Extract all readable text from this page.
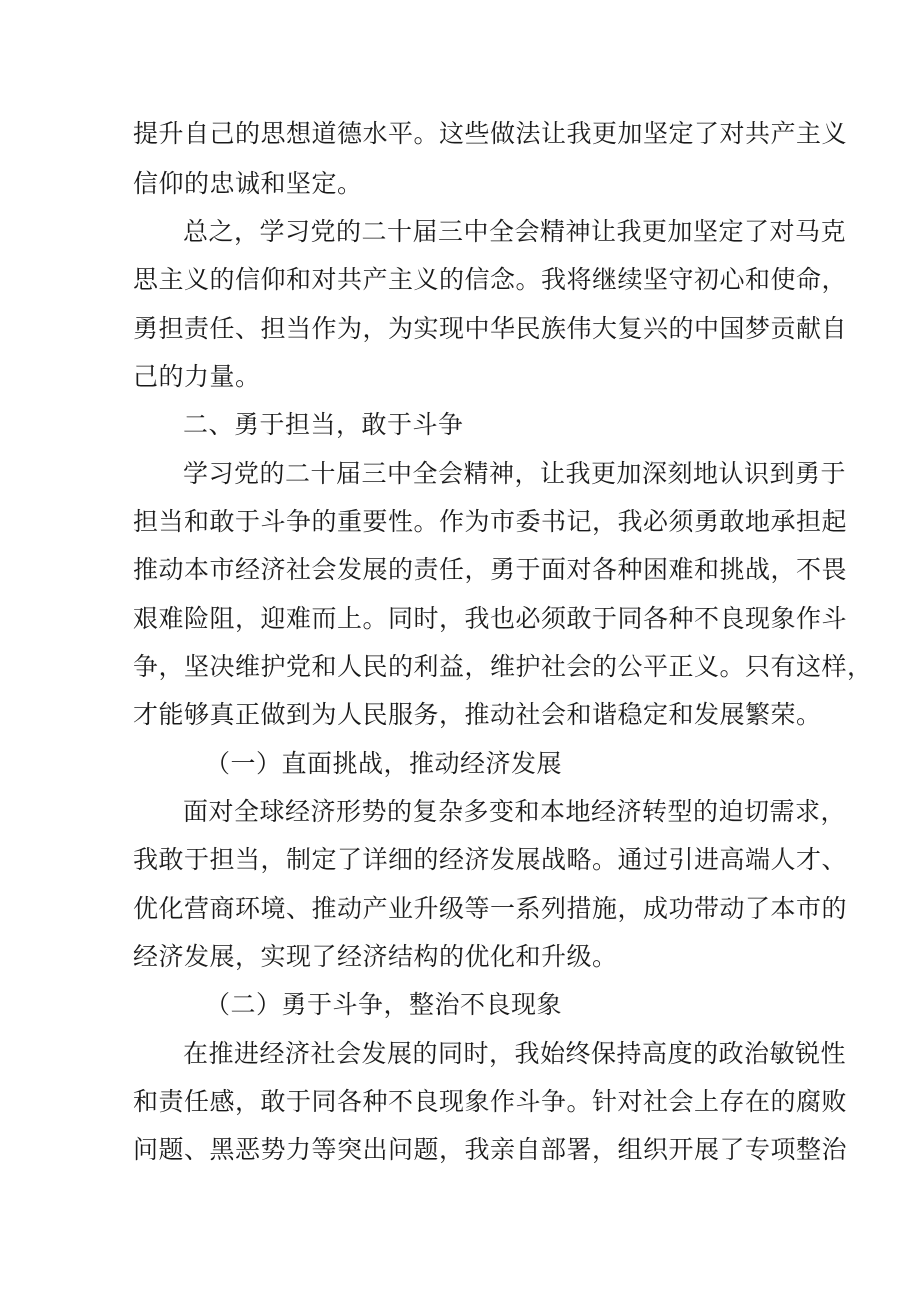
提升自己的思想道德水平。这些做法让我更加坚定了对共产主义

信仰的忠诚和坚定。

总之，学习党的二十届三中全会精神让我更加坚定了对马克

思主义的信仰和对共产主义的信念。我将继续坚守初心和使命，

勇担责任、担当作为，为实现中华民族伟大复兴的中国梦贡献自

己的力量。

二、勇于担当，敢于斗争

学习党的二十届三中全会精神，让我更加深刻地认识到勇于

担当和敢于斗争的重要性。作为市委书记，我必须勇敢地承担起

推动本市经济社会发展的责任，勇于面对各种困难和挑战，不畏

艰难险阻，迎难而上。同时，我也必须敢于同各种不良现象作斗

争，坚决维护党和人民的利益，维护社会的公平正义。只有这样，

才能够真正做到为人民服务，推动社会和谐稳定和发展繁荣。

（一）直面挑战，推动经济发展

面对全球经济形势的复杂多变和本地经济转型的迫切需求，

我敢于担当，制定了详细的经济发展战略。通过引进高端人才、

优化营商环境、推动产业升级等一系列措施，成功带动了本市的

经济发展，实现了经济结构的优化和升级。

（二）勇于斗争，整治不良现象

在推进经济社会发展的同时，我始终保持高度的政治敏锐性

和责任感，敢于同各种不良现象作斗争。针对社会上存在的腐败

问题、黑恶势力等突出问题，我亲自部署，组织开展了专项整治
